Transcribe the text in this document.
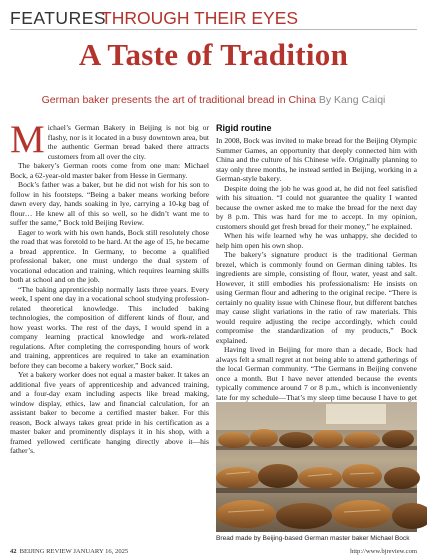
FEATURES
THROUGH THEIR EYES
A Taste of Tradition
German baker presents the art of traditional bread in China By Kang Caiqi
M ichael’s German Bakery in Beijing is not big or flashy, nor is it located in a busy downtown area, but the authentic German bread baked there attracts customers from all over the city.

The bakery’s German roots come from one man: Michael Bock, a 62-year-old master baker from Hesse in Germany.

Bock’s father was a baker, but he did not wish for his son to follow in his footsteps. “Being a baker means working before dawn every day, hands soaking in lye, carrying a 10-kg bag of flour… He knew all of this so well, so he didn’t want me to suffer the same,” Bock told Beijing Review.

Eager to work with his own hands, Bock still resolutely chose the road that was foretold to be hard. At the age of 15, he became a bread apprentice. In Germany, to become a qualified professional baker, one must undergo the dual system of vocational education and training, which requires learning skills both at school and on the job.

“The baking apprenticeship normally lasts three years. Every week, I spent one day in a vocational school studying profession-related theoretical knowledge. This included baking technologies, the composition of different kinds of flour, and how yeast works. The rest of the days, I would spend in a company learning practical knowledge and work-related regulations. After completing the corresponding hours of work and training, apprentices are required to take an examination before they can become a bakery worker,” Bock said.

Yet a bakery worker does not equal a master baker. It takes an additional five years of apprenticeship and advanced training, and a four-day exam including aspects like bread making, window display, ethics, law and financial calculation, for an assistant baker to become a certified master baker. For this reason, Bock always takes great pride in his certification as a master baker and prominently displays it in his shop, with a framed yellowed certificate hanging directly above it—his father’s.

Rigid routine

In 2008, Bock was invited to make bread for the Beijing Olympic Summer Games, an opportunity that deeply connected him with China and the culture of his Chinese wife. Originally planning to stay only three months, he instead settled in Beijing, working in a German-style bakery.

Despite doing the job he was good at, he did not feel satisfied with his situation. “I could not guarantee the quality I wanted because the owner asked me to make the bread for the next day by 8 p.m. This was hard for me to accept. In my opinion, customers should get fresh bread for their money,” he explained.

When his wife learned why he was unhappy, she decided to help him open his own shop.

The bakery’s signature product is the traditional German brezel, which is commonly found on German dining tables. Its ingredients are simple, consisting of flour, water, yeast and salt. However, it still embodies his professionalism: He insists on using German flour and adhering to the original recipe. “There is certainly no quality issue with Chinese flour, but different batches may cause slight variations in the ratio of raw materials. This would require adjusting the recipe accordingly, which could compromise the standardization of my products,” Bock explained.

Having lived in Beijing for more than a decade, Bock had always felt a small regret at not being able to attend gatherings of the local German community. “The Germans in Beijing convene once a month. But I have never attended because the events typically commence around 7 or 8 p.m., which is inconveniently late for my schedule—That’s my sleep time because I have to get

Bread made by Beijing-based German master baker Michael Bock
42 BEIJING REVIEW JANUARY 16, 2025	http://www.bjreview.com
